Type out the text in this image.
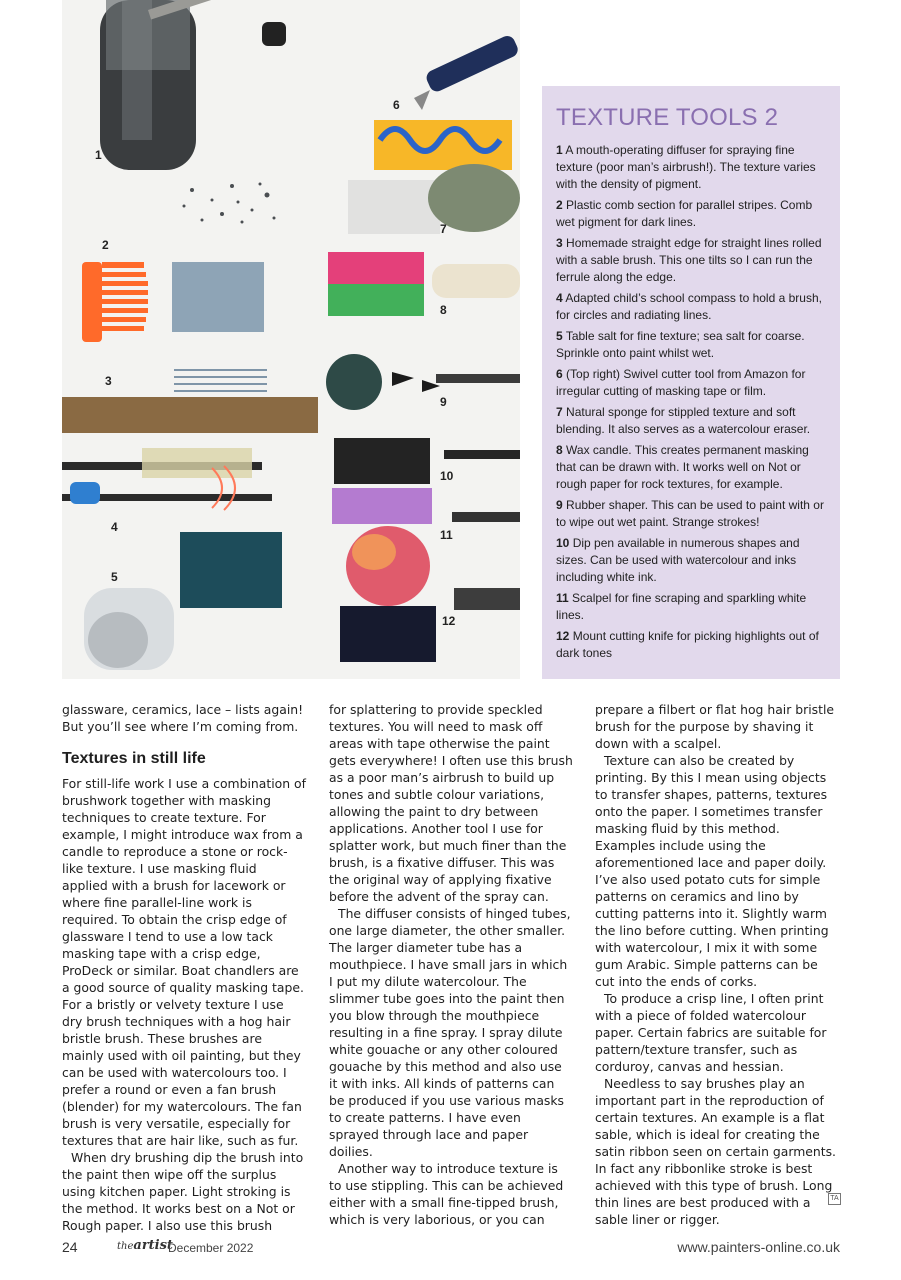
1
2
3
4
5
6
7
8
9
10
11
12
TEXTURE TOOLS 2

1 A mouth-operating diffuser for spraying fine texture (poor man’s airbrush!). The texture varies with the density of pigment.

2 Plastic comb section for parallel stripes. Comb wet pigment for dark lines.

3 Homemade straight edge for straight lines rolled with a sable brush. This one tilts so I can run the ferrule along the edge.

4 Adapted child’s school compass to hold a brush, for circles and radiating lines.

5 Table salt for fine texture; sea salt for coarse. Sprinkle onto paint whilst wet.

6 (Top right) Swivel cutter tool from Amazon for irregular cutting of masking tape or film.

7 Natural sponge for stippled texture and soft blending. It also serves as a watercolour eraser.

8 Wax candle. This creates permanent masking that can be drawn with. It works well on Not or rough paper for rock textures, for example.

9 Rubber shaper. This can be used to paint with or to wipe out wet paint. Strange strokes!

10 Dip pen available in numerous shapes and sizes. Can be used with watercolour and inks including white ink.

11 Scalpel for fine scraping and sparkling white lines.

12 Mount cutting knife for picking highlights out of dark tones

glassware, ceramics, lace – lists again! But you’ll see where I’m coming from.

Textures in still life

For still-life work I use a combination of brushwork together with masking techniques to create texture. For example, I might introduce wax from a candle to reproduce a stone or rock-like texture. I use masking fluid applied with a brush for lacework or where fine parallel-line work is required. To obtain the crisp edge of glassware I tend to use a low tack masking tape with a crisp edge, ProDeck or similar. Boat chandlers are a good source of quality masking tape. For a bristly or velvety texture I use dry brush techniques with a hog hair bristle brush. These brushes are mainly used with oil painting, but they can be used with watercolours too. I prefer a round or even a fan brush (blender) for my watercolours. The fan brush is very versatile, especially for textures that are hair like, such as fur.

When dry brushing dip the brush into the paint then wipe off the surplus using kitchen paper. Light stroking is the method. It works best on a Not or Rough paper. I also use this brush

for splattering to provide speckled textures. You will need to mask off areas with tape otherwise the paint gets everywhere! I often use this brush as a poor man’s airbrush to build up tones and subtle colour variations, allowing the paint to dry between applications. Another tool I use for splatter work, but much finer than the brush, is a fixative diffuser. This was the original way of applying fixative before the advent of the spray can.

The diffuser consists of hinged tubes, one large diameter, the other smaller. The larger diameter tube has a mouthpiece. I have small jars in which I put my dilute watercolour. The slimmer tube goes into the paint then you blow through the mouthpiece resulting in a fine spray. I spray dilute white gouache or any other coloured gouache by this method and also use it with inks. All kinds of patterns can be produced if you use various masks to create patterns. I have even sprayed through lace and paper doilies.

Another way to introduce texture is to use stippling. This can be achieved either with a small fine-tipped brush, which is very laborious, or you can

prepare a filbert or flat hog hair bristle brush for the purpose by shaving it down with a scalpel.

Texture can also be created by printing. By this I mean using objects to transfer shapes, patterns, textures onto the paper. I sometimes transfer masking fluid by this method. Examples include using the aforementioned lace and paper doily. I’ve also used potato cuts for simple patterns on ceramics and lino by cutting patterns into it. Slightly warm the lino before cutting. When printing with watercolour, I mix it with some gum Arabic. Simple patterns can be cut into the ends of corks.

To produce a crisp line, I often print with a piece of folded watercolour paper. Certain fabrics are suitable for pattern/texture transfer, such as corduroy, canvas and hessian.

Needless to say brushes play an important part in the reproduction of certain textures. An example is a flat sable, which is ideal for creating the satin ribbon seen on certain garments. In fact any ribbonlike stroke is best achieved with this type of brush. Long thin lines are best produced with a sable liner or rigger.

TA
24	theartist
December 2022	www.painters-online.co.uk
